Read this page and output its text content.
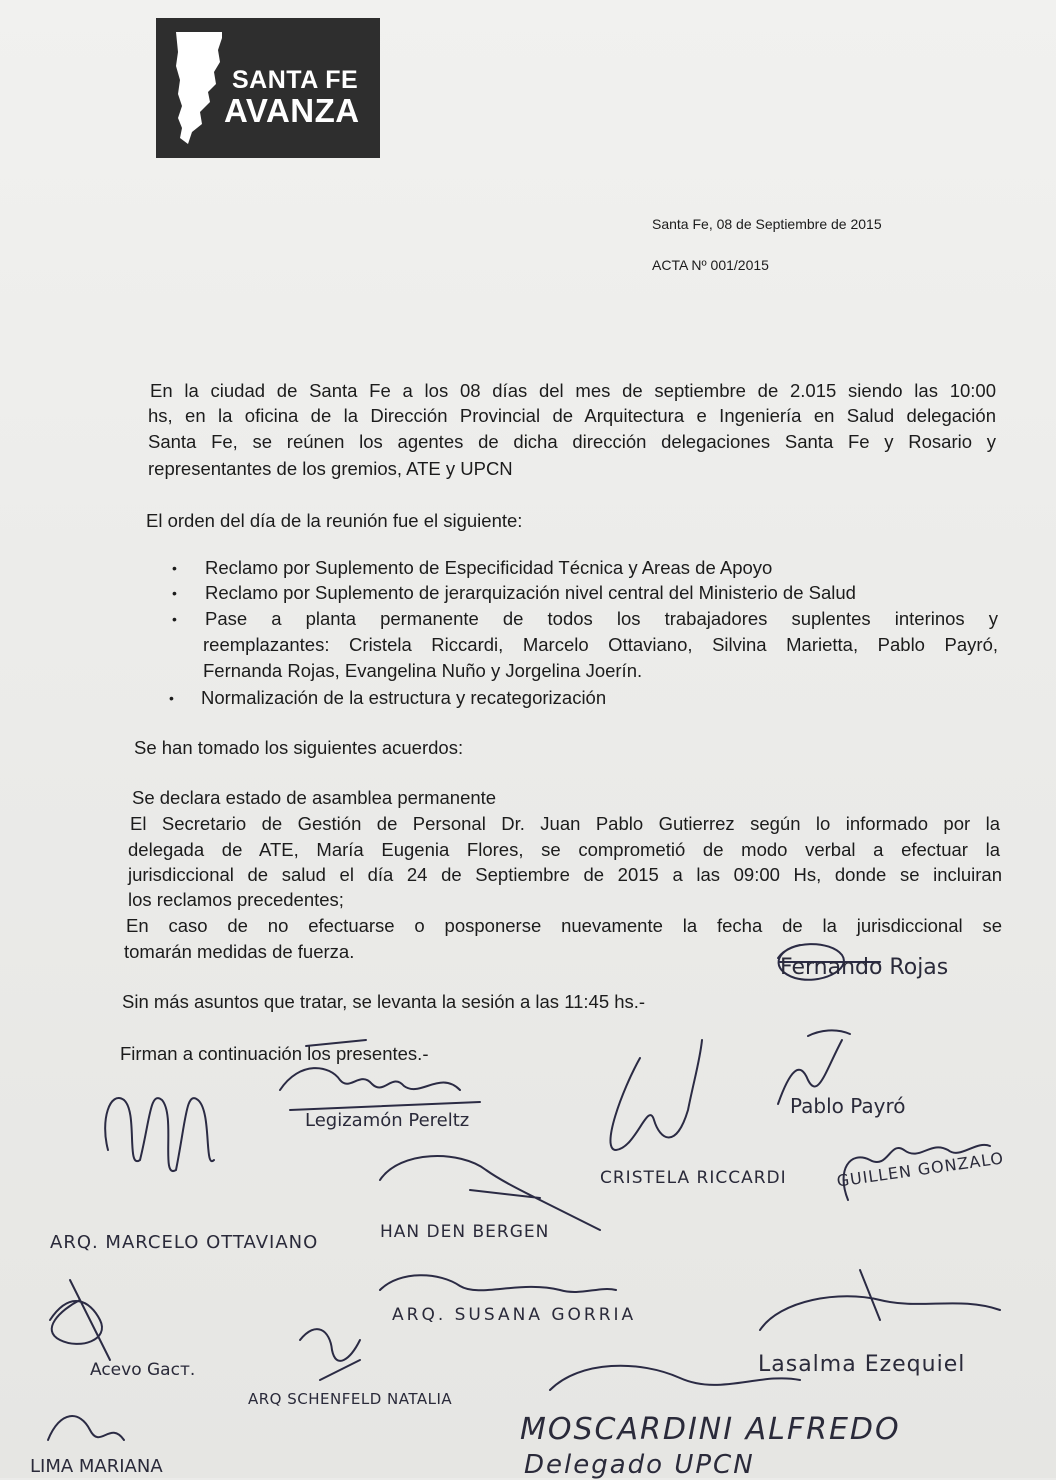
SANTA FE
AVANZA
Santa Fe, 08 de Septiembre de 2015
ACTA Nº 001/2015
En la ciudad de Santa Fe a los 08 días del mes de septiembre de 2.015 siendo las 10:00
hs, en la oficina de la Dirección Provincial de Arquitectura e Ingeniería en Salud delegación
Santa Fe, se reúnen los agentes de dicha dirección delegaciones Santa Fe y Rosario y
representantes de los gremios, ATE y UPCN
El orden del día de la reunión fue el siguiente:
• Reclamo por Suplemento de Especificidad Técnica y Areas de Apoyo
• Reclamo por Suplemento de jerarquización nivel central del Ministerio de Salud
• Pase a planta permanente de todos los trabajadores suplentes interinos y
reemplazantes: Cristela Riccardi, Marcelo Ottaviano, Silvina Marietta, Pablo Payró,
Fernanda Rojas, Evangelina Nuño y Jorgelina Joerín.
• Normalización de la estructura y recategorización
Se han tomado los siguientes acuerdos:
Se declara estado de asamblea permanente
El Secretario de Gestión de Personal Dr. Juan Pablo Gutierrez según lo informado por la
delegada de ATE, María Eugenia Flores, se comprometió de modo verbal a efectuar la
jurisdiccional de salud el día 24 de Septiembre de 2015 a las 09:00 Hs, donde se incluiran
los reclamos precedentes;
En caso de no efectuarse o posponerse nuevamente la fecha de la jurisdiccional se
tomarán medidas de fuerza.
Sin más asuntos que tratar, se levanta la sesión a las 11:45 hs.-
Firman a continuación los presentes.-
Fernando Rojas
Legizamón Pereltz
CRISTELA RICCARDI
Pablo Payró
GUILLEN GONZALO
ARQ. MARCELO OTTAVIANO	HAN DEN BERGEN
ARQ. SUSANA GORRIA
Acevo Gaст.
ARQ SCHENFELD NATALIA
Lasalma Ezequiel
MOSCARDINI ALFREDO
Delegado UPCN
LIMA MARIANA
